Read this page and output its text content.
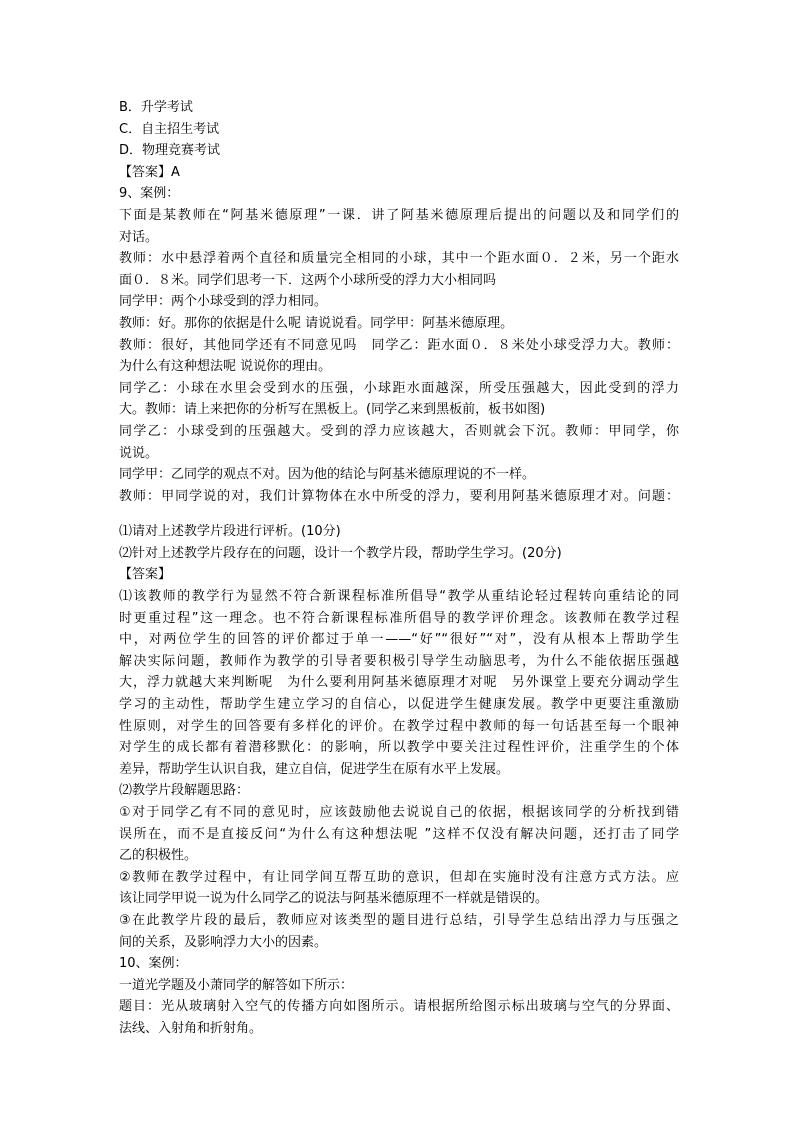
B．升学考试
C．自主招生考试
D．物理竞赛考试
【答案】A
9、案例：
下面是某教师在“阿基米德原理”一课．讲了阿基米德原理后提出的问题以及和同学们的
对话。
教师：水中悬浮着两个直径和质量完全相同的小球，其中一个距水面０．２米，另一个距水
面０．８米。同学们思考一下．这两个小球所受的浮力大小相同吗
同学甲：两个小球受到的浮力相同。
教师：好。那你的依据是什么呢 请说说看。同学甲：阿基米德原理。
教师：很好，其他同学还有不同意见吗　同学乙：距水面０．８米处小球受浮力大。教师：
为什么有这种想法呢 说说你的理由。
同学乙：小球在水里会受到水的压强，小球距水面越深，所受压强越大，因此受到的浮力
大。教师：请上来把你的分析写在黑板上。(同学乙来到黑板前，板书如图)
同学乙：小球受到的压强越大。受到的浮力应该越大，否则就会下沉。教师：甲同学，你
说说。
同学甲：乙同学的观点不对。因为他的结论与阿基米德原理说的不一样。
教师：甲同学说的对，我们计算物体在水中所受的浮力，要利用阿基米德原理才对。问题：
⑴请对上述教学片段进行评析。(10分)
⑵针对上述教学片段存在的问题，设计一个教学片段，帮助学生学习。(20分)
【答案】
⑴该教师的教学行为显然不符合新课程标准所倡导“教学从重结论轻过程转向重结论的同
时更重过程”这一理念。也不符合新课程标准所倡导的教学评价理念。该教师在教学过程
中，对两位学生的回答的评价都过于单一——“好”“很好”“对”，没有从根本上帮助学生
解决实际问题，教师作为教学的引导者要积极引导学生动脑思考，为什么不能依据压强越
大，浮力就越大来判断呢　为什么要利用阿基米德原理才对呢　另外课堂上要充分调动学生
学习的主动性，帮助学生建立学习的自信心，以促进学生健康发展。教学中更要注重激励
性原则，对学生的回答要有多样化的评价。在教学过程中教师的每一句话甚至每一个眼神
对学生的成长都有着潜移默化：的影响，所以教学中要关注过程性评价，注重学生的个体
差异，帮助学生认识自我，建立自信，促进学生在原有水平上发展。
⑵教学片段解题思路：
①对于同学乙有不同的意见时，应该鼓励他去说说自己的依据，根据该同学的分析找到错
误所在，而不是直接反问“为什么有这种想法呢 ”这样不仅没有解决问题，还打击了同学
乙的积极性。
②教师在教学过程中，有让同学间互帮互助的意识，但却在实施时没有注意方式方法。应
该让同学甲说一说为什么同学乙的说法与阿基米德原理不一样就是错误的。
③在此教学片段的最后，教师应对该类型的题目进行总结，引导学生总结出浮力与压强之
间的关系，及影响浮力大小的因素。
10、案例：
一道光学题及小萧同学的解答如下所示：
题目：光从玻璃射入空气的传播方向如图所示。请根据所给图示标出玻璃与空气的分界面、
法线、入射角和折射角。
